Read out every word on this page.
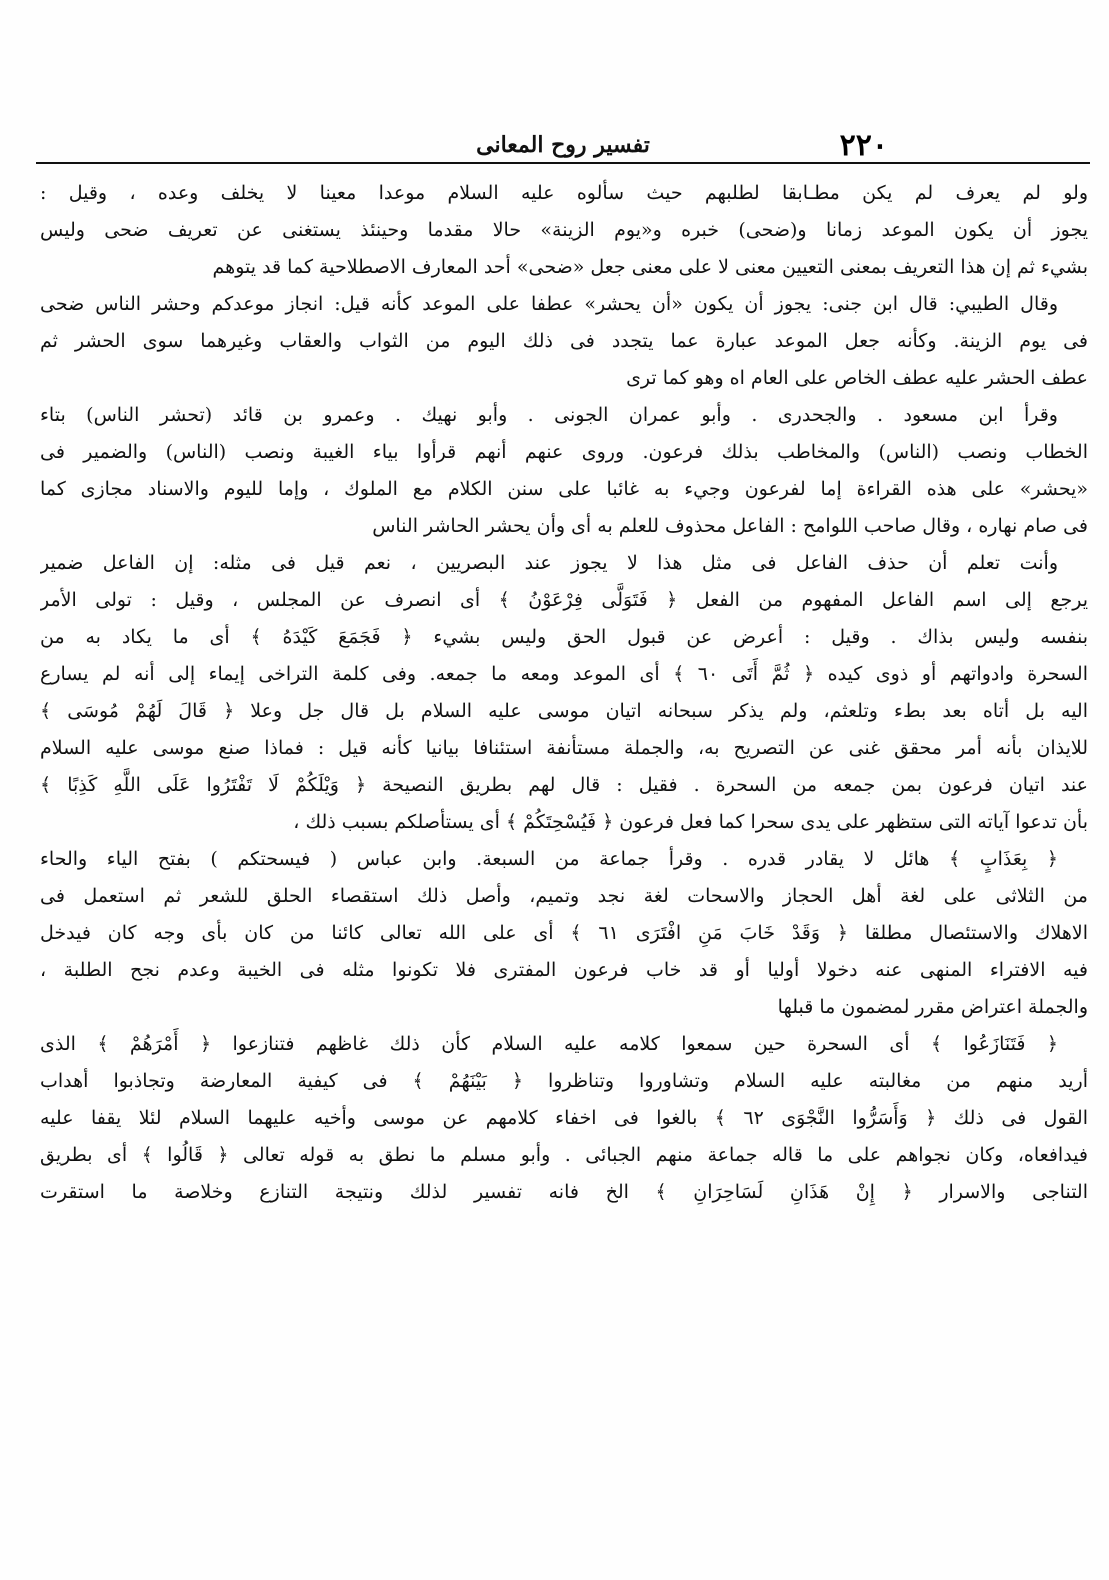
٢٢٠
تفسير روح المعانى
ولو لم يعرف لم يكن مطـابقا لطلبهم حيث سألوه عليه السلام موعدا معينا لا يخلف وعده ، وقيل :
يجوز أن يكون الموعد زمانا و(ضحى) خبره و«يوم الزينة» حالا مقدما وحينئذ يستغنى عن تعريف ضحى وليس
بشيء ثم إن هذا التعريف بمعنى التعيين معنى لا على معنى جعل «ضحى» أحد المعارف الاصطلاحية كما قد يتوهم
وقال الطيبي: قال ابن جنى: يجوز أن يكون «أن يحشر» عطفا على الموعد كأنه قيل: انجاز موعدكم وحشر الناس ضحى
فى يوم الزينة. وكأنه جعل الموعد عبارة عما يتجدد فى ذلك اليوم من الثواب والعقاب وغيرهما سوى الحشر ثم
عطف الحشر عليه عطف الخاص على العام اه وهو كما ترى
وقرأ ابن مسعود . والجحدرى . وأبو عمران الجونى . وأبو نهيك . وعمرو بن قائد (تحشر الناس) بتاء
الخطاب ونصب (الناس) والمخاطب بذلك فرعون. وروى عنهم أنهم قرأوا بياء الغيبة ونصب (الناس) والضمير فى
«يحشر» على هذه القراءة إما لفرعون وجيء به غائبا على سنن الكلام مع الملوك ، وإما لليوم والاسناد مجازى كما
فى صام نهاره ، وقال صاحب اللوامح : الفاعل محذوف للعلم به أى وأن يحشر الحاشر الناس
وأنت تعلم أن حذف الفاعل فى مثل هذا لا يجوز عند البصريين ، نعم قيل فى مثله: إن الفاعل ضمير
يرجع إلى اسم الفاعل المفهوم من الفعل ﴿ فَتَوَلَّى فِرْعَوْنُ ﴾ أى انصرف عن المجلس ، وقيل : تولى الأمر
بنفسه وليس بذاك . وقيل : أعرض عن قبول الحق وليس بشيء ﴿ فَجَمَعَ كَيْدَهُ ﴾ أى ما يكاد به من
السحرة وادواتهم أو ذوى كيده ﴿ ثُمَّ أَتَى ٦٠ ﴾ أى الموعد ومعه ما جمعه. وفى كلمة التراخى إيماء إلى أنه لم يسارع
اليه بل أتاه بعد بطء وتلعثم، ولم يذكر سبحانه اتيان موسى عليه السلام بل قال جل وعلا ﴿ قَالَ لَهُمْ مُوسَى ﴾
للايذان بأنه أمر محقق غنى عن التصريح به، والجملة مستأنفة استئنافا بيانيا كأنه قيل : فماذا صنع موسى عليه السلام
عند اتيان فرعون بمن جمعه من السحرة . فقيل : قال لهم بطريق النصيحة ﴿ وَيْلَكُمْ لَا تَفْتَرُوا عَلَى اللَّهِ كَذِبًا ﴾
بأن تدعوا آياته التى ستظهر على يدى سحرا كما فعل فرعون ﴿ فَيُسْحِتَكُمْ ﴾ أى يستأصلكم بسبب ذلك ،
﴿ بِعَذَابٍ ﴾ هائل لا يقادر قدره . وقرأ جماعة من السبعة. وابن عباس ( فيسحتكم ) بفتح الياء والحاء
من الثلاثى على لغة أهل الحجاز والاسحات لغة نجد وتميم، وأصل ذلك استقصاء الحلق للشعر ثم استعمل فى
الاهلاك والاستئصال مطلقا ﴿ وَقَدْ خَابَ مَنِ افْتَرَى ٦١ ﴾ أى على الله تعالى كائنا من كان بأى وجه كان فيدخل
فيه الافتراء المنهى عنه دخولا أوليا أو قد خاب فرعون المفترى فلا تكونوا مثله فى الخيبة وعدم نجح الطلبة ،
والجملة اعتراض مقرر لمضمون ما قبلها
﴿ فَتَنَازَعُوا ﴾ أى السحرة حين سمعوا كلامه عليه السلام كأن ذلك غاظهم فتنازعوا ﴿ أَمْرَهُمْ ﴾ الذى
أريد منهم من مغالبته عليه السلام وتشاوروا وتناظروا ﴿ بَيْنَهُمْ ﴾ فى كيفية المعارضة وتجاذبوا أهداب
القول فى ذلك ﴿ وَأَسَرُّوا النَّجْوَى ٦٢ ﴾ بالغوا فى اخفاء كلامهم عن موسى وأخيه عليهما السلام لئلا يقفا عليه
فيدافعاه، وكان نجواهم على ما قاله جماعة منهم الجبائى . وأبو مسلم ما نطق به قوله تعالى ﴿ قَالُوا ﴾ أى بطريق
التناجى والاسرار ﴿ إِنْ هَذَانِ لَسَاحِرَانِ ﴾ الخ فانه تفسير لذلك ونتيجة التنازع وخلاصة ما استقرت
